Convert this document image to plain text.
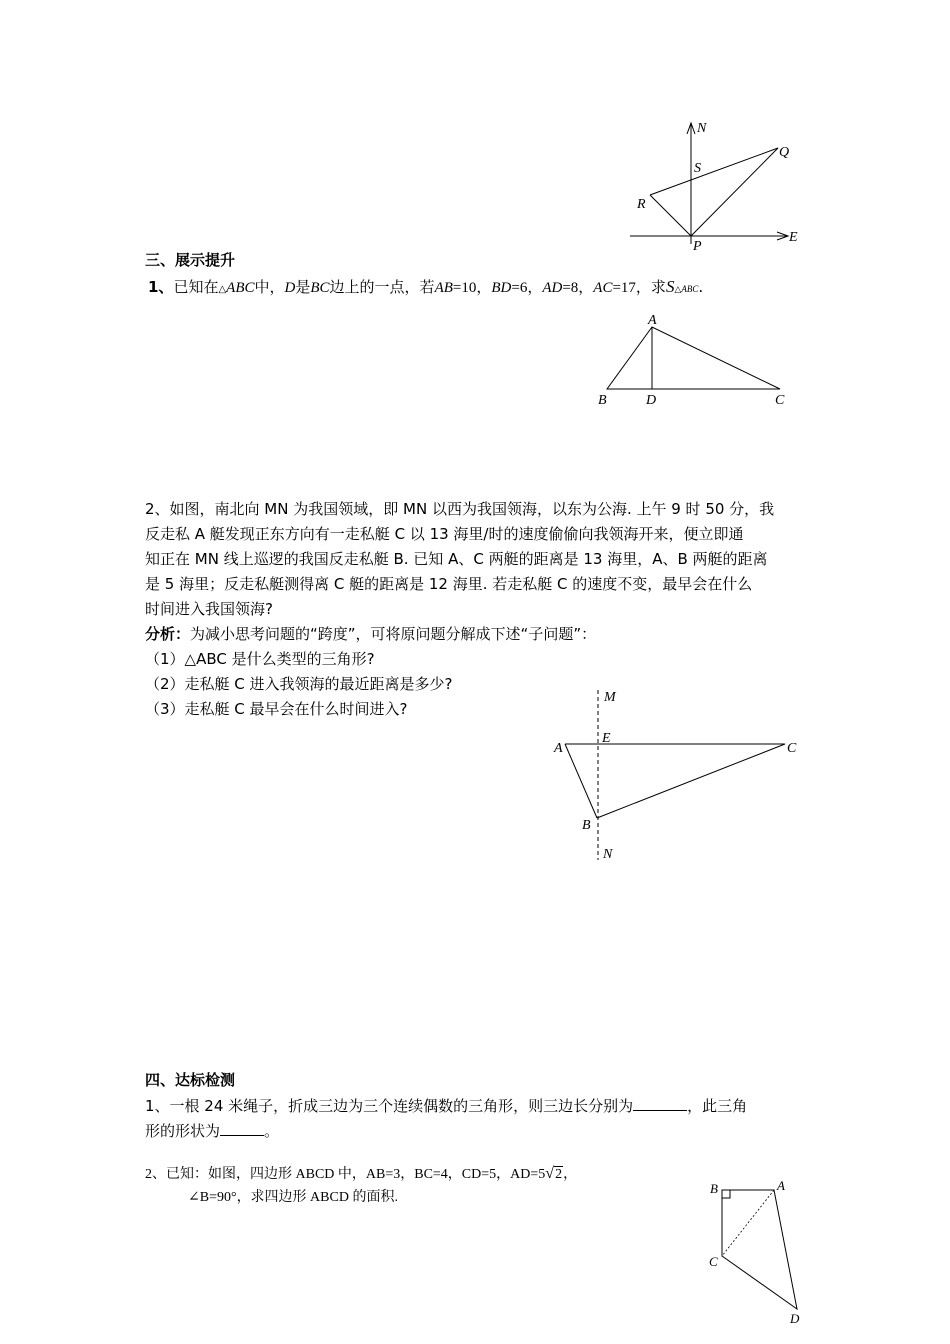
N
S
Q
R
P
E
三、展示提升
1、已知在△ABC中，D是BC边上的一点，若AB=10，BD=6，AD=8，AC=17，求S△ABC.
A
B	D	C
2、如图，南北向 MN 为我国领域，即 MN 以西为我国领海，以东为公海. 上午 9 时 50 分，我
反走私 A 艇发现正东方向有一走私艇 C 以 13 海里/时的速度偷偷向我领海开来，便立即通
知正在 MN 线上巡逻的我国反走私艇 B. 已知 A、C 两艇的距离是 13 海里，A、B 两艇的距离
是 5 海里；反走私艇测得离 C 艇的距离是 12 海里. 若走私艇 C 的速度不变，最早会在什么
时间进入我国领海?
分析：为减小思考问题的“跨度”，可将原问题分解成下述“子问题”：
（1）△ABC 是什么类型的三角形?
（2）走私艇 C 进入我领海的最近距离是多少?
（3）走私艇 C 最早会在什么时间进入?
M
A
E
C
B
N
四、达标检测
1、一根 24 米绳子，折成三边为三个连续偶数的三角形，则三边长分别为	，此三角
形的形状为	。
2、已知：如图，四边形 ABCD 中，AB=3，BC=4，CD=5，AD=5√2，
∠B=90°，求四边形 ABCD 的面积.
B	A
C
D
